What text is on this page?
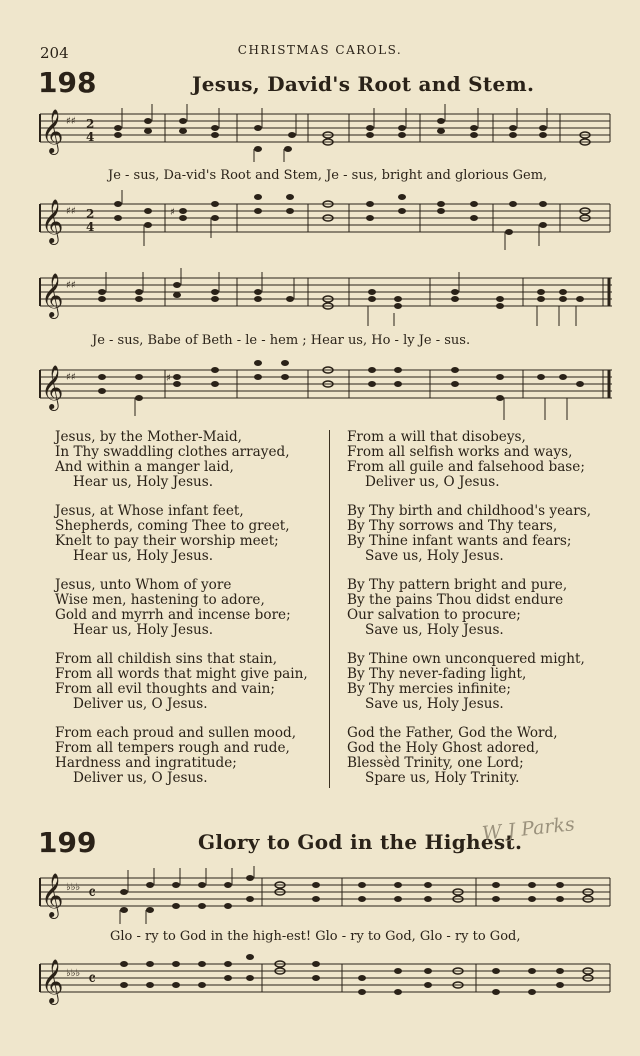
204	CHRISTMAS CAROLS.
198	Jesus, David's Root and Stem.
𝄞 ♯♯ 2
4
Je - sus, Da-vid's Root and Stem, Je - sus, bright and glorious Gem,
𝄞 ♯♯ 2
4
♯
𝄞 ♯♯
Je - sus, Babe of Beth - le - hem ; Hear us, Ho - ly Je - sus.
𝄞 ♯♯	♯
Jesus, by the Mother-Maid,
In Thy swaddling clothes arrayed,
And within a manger laid,
Hear us, Holy Jesus.
Jesus, at Whose infant feet,
Shepherds, coming Thee to greet,
Knelt to pay their worship meet;
Hear us, Holy Jesus.
Jesus, unto Whom of yore
Wise men, hastening to adore,
Gold and myrrh and incense bore;
Hear us, Holy Jesus.
From all childish sins that stain,
From all words that might give pain,
From all evil thoughts and vain;
Deliver us, O Jesus.
From each proud and sullen mood,
From all tempers rough and rude,
Hardness and ingratitude;
Deliver us, O Jesus.
From a will that disobeys,
From all selfish works and ways,
From all guile and falsehood base;
Deliver us, O Jesus.
By Thy birth and childhood's years,
By Thy sorrows and Thy tears,
By Thine infant wants and fears;
Save us, Holy Jesus.
By Thy pattern bright and pure,
By the pains Thou didst endure
Our salvation to procure;
Save us, Holy Jesus.
By Thine own unconquered might,
By Thy never-fading light,
By Thy mercies infinite;
Save us, Holy Jesus.
God the Father, God the Word,
God the Holy Ghost adored,
Blessèd Trinity, one Lord;
Spare us, Holy Trinity.
199	Glory to God in the Highest.
W J Parks
𝄞 ♭♭♭ 𝄴
Glo - ry to God in the high-est! Glo - ry to God, Glo - ry to God,
𝄞 ♭♭♭ 𝄴
